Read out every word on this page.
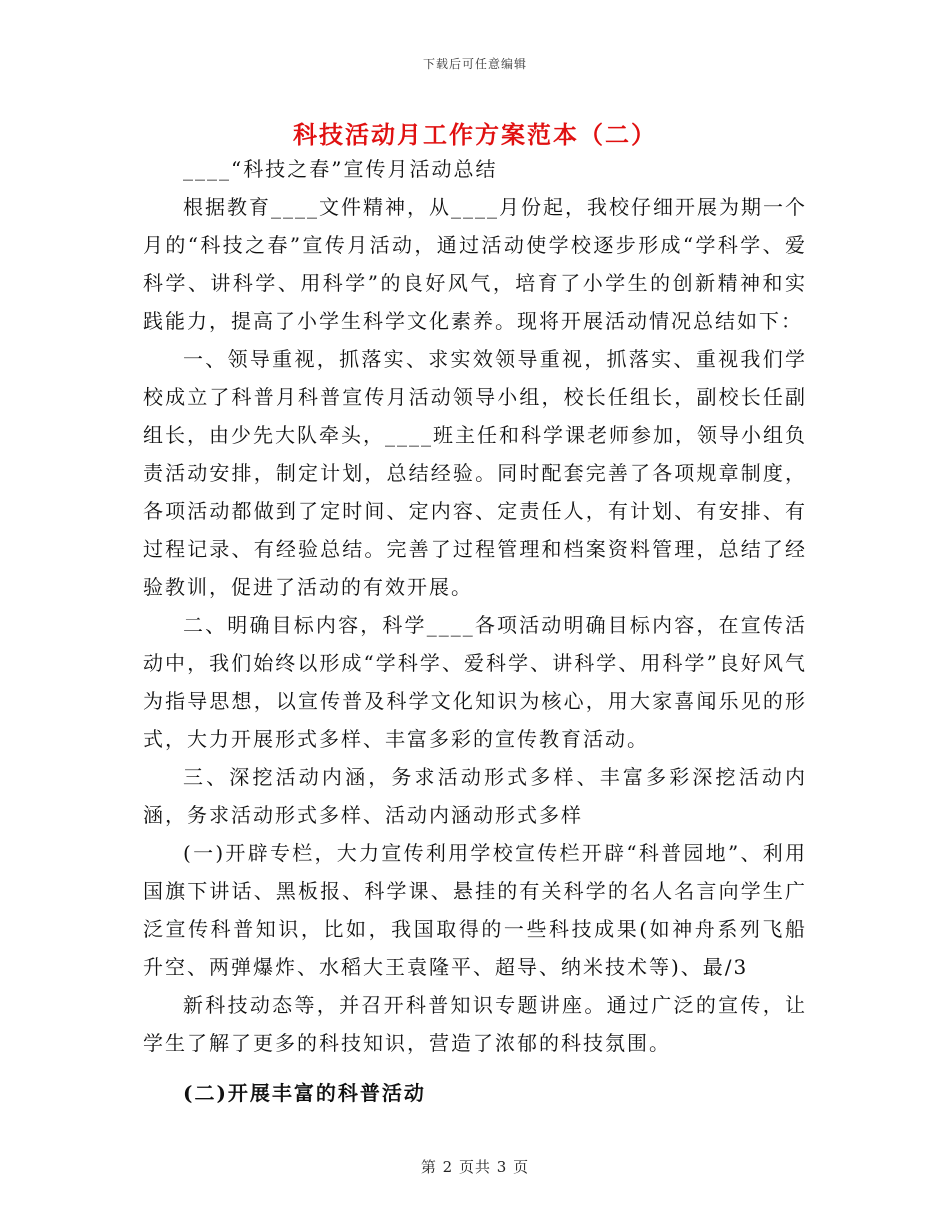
下载后可任意编辑
科技活动月工作方案范本（二）

____“科技之春”宣传月活动总结

根据教育____文件精神，从____月份起，我校仔细开展为期一个月的“科技之春”宣传月活动，通过活动使学校逐步形成“学科学、爱科学、讲科学、用科学”的良好风气，培育了小学生的创新精神和实践能力，提高了小学生科学文化素养。现将开展活动情况总结如下：

一、领导重视，抓落实、求实效领导重视，抓落实、重视我们学校成立了科普月科普宣传月活动领导小组，校长任组长，副校长任副组长，由少先大队牵头，____班主任和科学课老师参加，领导小组负责活动安排，制定计划，总结经验。同时配套完善了各项规章制度，各项活动都做到了定时间、定内容、定责任人，有计划、有安排、有过程记录、有经验总结。完善了过程管理和档案资料管理，总结了经验教训，促进了活动的有效开展。

二、明确目标内容，科学____各项活动明确目标内容，在宣传活动中，我们始终以形成“学科学、爱科学、讲科学、用科学”良好风气为指导思想，以宣传普及科学文化知识为核心，用大家喜闻乐见的形式，大力开展形式多样、丰富多彩的宣传教育活动。

三、深挖活动内涵，务求活动形式多样、丰富多彩深挖活动内涵，务求活动形式多样、活动内涵动形式多样

(一)开辟专栏，大力宣传利用学校宣传栏开辟“科普园地”、利用国旗下讲话、黑板报、科学课、悬挂的有关科学的名人名言向学生广泛宣传科普知识，比如，我国取得的一些科技成果(如神舟系列飞船升空、两弹爆炸、水稻大王袁隆平、超导、纳米技术等)、最/3

新科技动态等，并召开科普知识专题讲座。通过广泛的宣传，让学生了解了更多的科技知识，营造了浓郁的科技氛围。

(二)开展丰富的科普活动

第 2 页共 3 页
